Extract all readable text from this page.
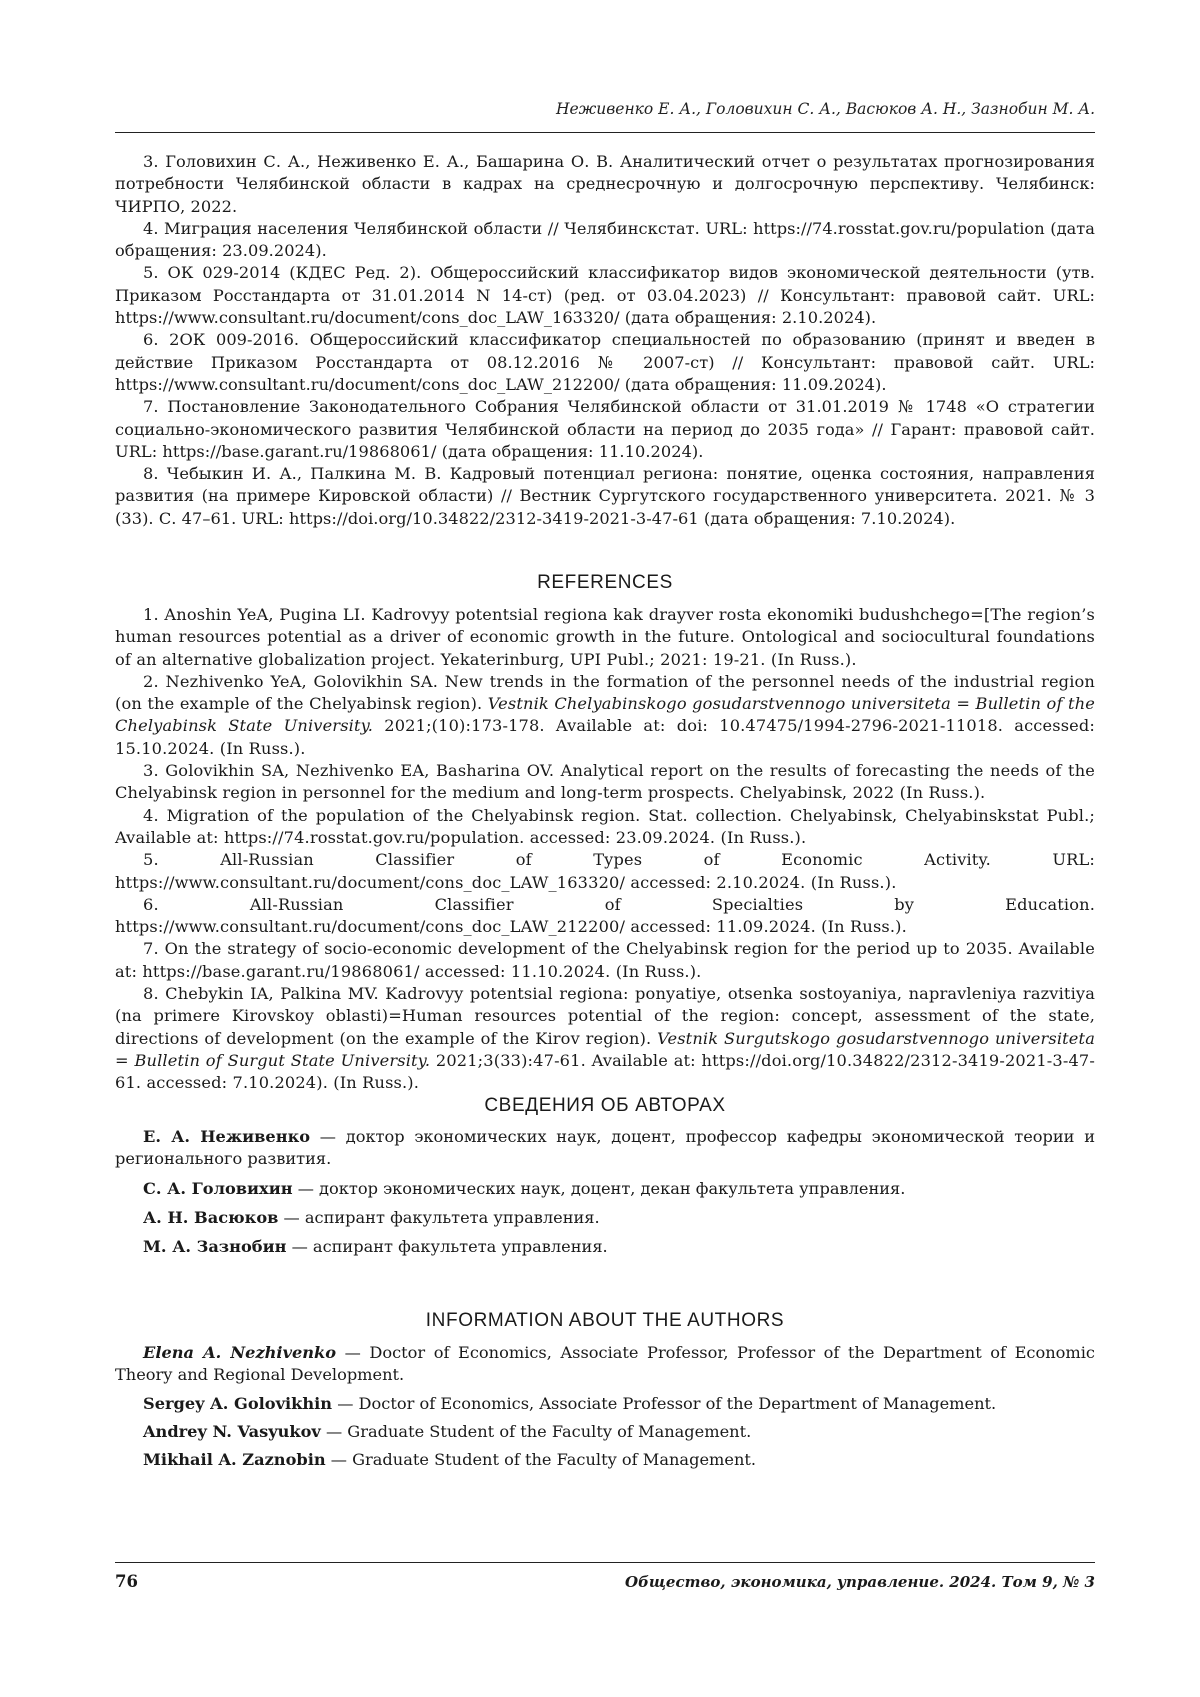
Неживенко Е. А., Головихин С. А., Васюков А. Н., Зазнобин М. А.

3. Головихин С. А., Неживенко Е. А., Башарина О. В. Аналитический отчет о результатах прогнозирования потребности Челябинской области в кадрах на среднесрочную и долгосрочную перспективу. Челябинск: ЧИРПО, 2022.

4. Миграция населения Челябинской области // Челябинскстат. URL: https://74.rosstat.gov.ru/population (дата обращения: 23.09.2024).

5. ОК 029-2014 (КДЕС Ред. 2). Общероссийский классификатор видов экономической деятельности (утв. Приказом Росстандарта от 31.01.2014 N 14-ст) (ред. от 03.04.2023) // Консультант: правовой сайт. URL: https://www.consultant.ru/document/cons_doc_LAW_163320/ (дата обращения: 2.10.2024).

6. 2ОК 009-2016. Общероссийский классификатор специальностей по образованию (принят и введен в действие Приказом Росстандарта от 08.12.2016 № 2007-ст) // Консультант: правовой сайт. URL: https://www.consultant.ru/document/cons_doc_LAW_212200/ (дата обращения: 11.09.2024).

7. Постановление Законодательного Собрания Челябинской области от 31.01.2019 № 1748 «О стратегии социально-экономического развития Челябинской области на период до 2035 года» // Гарант: правовой сайт. URL: https://base.garant.ru/19868061/ (дата обращения: 11.10.2024).

8. Чебыкин И. А., Палкина М. В. Кадровый потенциал региона: понятие, оценка состояния, направления развития (на примере Кировской области) // Вестник Сургутского государственного университета. 2021. № 3 (33). С. 47–61. URL: https://doi.org/10.34822/2312-3419-2021-3-47-61 (дата обращения: 7.10.2024).

REFERENCES

1. Anoshin YeA, Pugina LI. Kadrovyy potentsial regiona kak drayver rosta ekonomiki budushchego=[The region’s human resources potential as a driver of economic growth in the future. Ontological and sociocultural foundations of an alternative globalization project. Yekaterinburg, UPI Publ.; 2021: 19-21. (In Russ.).

2. Nezhivenko YeA, Golovikhin SA. New trends in the formation of the personnel needs of the industrial region (on the example of the Chelyabinsk region). Vestnik Chelyabinskogo gosudarstvennogo universiteta = Bulletin of the Chelyabinsk State University. 2021;(10):173-178. Available at: doi: 10.47475/1994-2796-2021-11018. accessed: 15.10.2024. (In Russ.).

3. Golovikhin SA, Nezhivenko EA, Basharina OV. Analytical report on the results of forecasting the needs of the Chelyabinsk region in personnel for the medium and long-term prospects. Chelyabinsk, 2022 (In Russ.).

4. Migration of the population of the Chelyabinsk region. Stat. collection. Chelyabinsk, Chelyabinskstat Publ.; Available at: https://74.rosstat.gov.ru/population. accessed: 23.09.2024. (In Russ.).

5. All-Russian Classifier of Types of Economic Activity. URL: https://www.consultant.ru/document/cons_doc_LAW_163320/ accessed: 2.10.2024. (In Russ.).

6. All-Russian Classifier of Specialties by Education. https://www.consultant.ru/document/cons_doc_LAW_212200/ accessed: 11.09.2024. (In Russ.).

7. On the strategy of socio-economic development of the Chelyabinsk region for the period up to 2035. Available at: https://base.garant.ru/19868061/ accessed: 11.10.2024. (In Russ.).

8. Chebykin IA, Palkina MV. Kadrovyy potentsial regiona: ponyatiye, otsenka sostoyaniya, napravleniya razvitiya (na primere Kirovskoy oblasti)=Human resources potential of the region: concept, assessment of the state, directions of development (on the example of the Kirov region). Vestnik Surgutskogo gosudarstvennogo universiteta = Bulletin of Surgut State University. 2021;3(33):47-61. Available at: https://doi.org/10.34822/2312-3419-2021-3-47-61. accessed: 7.10.2024). (In Russ.).

СВЕДЕНИЯ ОБ АВТОРАХ

Е. А. Неживенко — доктор экономических наук, доцент, профессор кафедры экономической теории и регионального развития.

С. А. Головихин — доктор экономических наук, доцент, декан факультета управления.

А. Н. Васюков — аспирант факультета управления.

М. А. Зазнобин — аспирант факультета управления.

INFORMATION ABOUT THE AUTHORS

Elena A. Nezhivenko — Doctor of Economics, Associate Professor, Professor of the Department of Economic Theory and Regional Development.

Sergey A. Golovikhin — Doctor of Economics, Associate Professor of the Department of Management.

Andrey N. Vasyukov — Graduate Student of the Faculty of Management.

Mikhail A. Zaznobin — Graduate Student of the Faculty of Management.

76	Общество, экономика, управление. 2024. Том 9, № 3
